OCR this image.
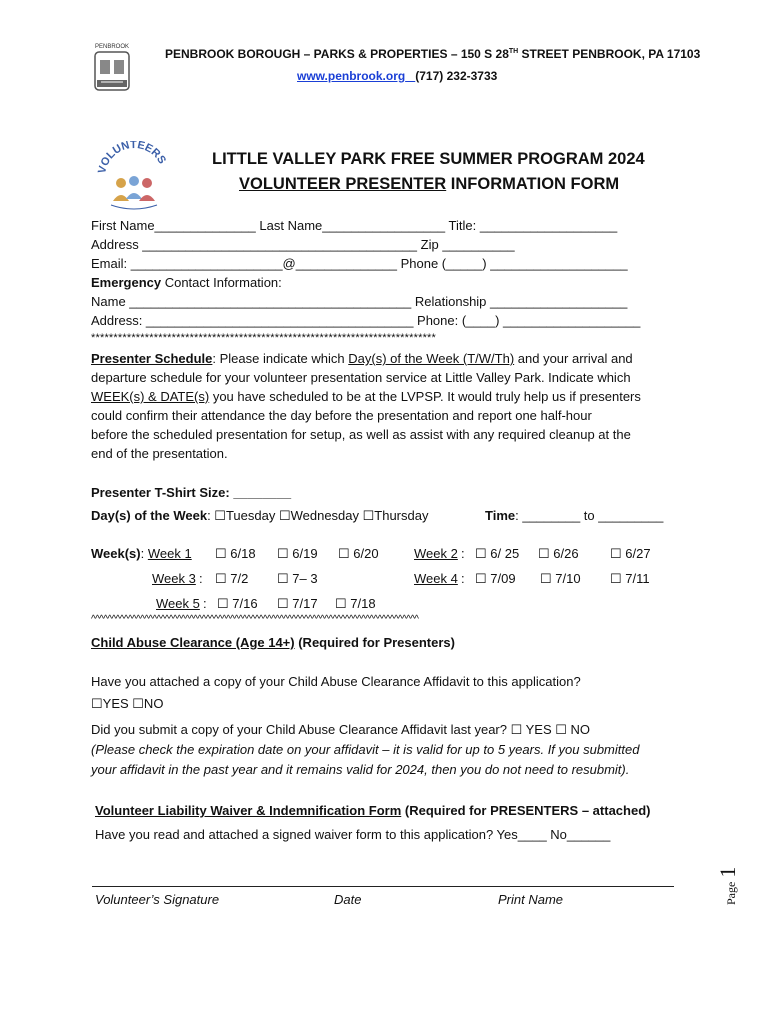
PENBROOK	PENBROOK BOROUGH – PARKS & PROPERTIES – 150 S 28TH STREET PENBROOK, PA 17103
www.penbrook.org (717) 232-3733
VOLUNTEERS	LITTLE VALLEY PARK FREE SUMMER PROGRAM 2024
VOLUNTEER PRESENTER INFORMATION FORM
First Name______________ Last Name_________________ Title: ___________________
Address ______________________________________ Zip __________
Email: _____________________@______________ Phone (_____) ___________________
Emergency Contact Information:
Name _______________________________________ Relationship ___________________
Address: _____________________________________ Phone: (____) ___________________
*****************************************************************************
Presenter Schedule: Please indicate which Day(s) of the Week (T/W/Th) and your arrival and
departure schedule for your volunteer presentation service at Little Valley Park. Indicate which
WEEK(s) & DATE(s) you have scheduled to be at the LVPSP. It would truly help us if presenters
could confirm their attendance the day before the presentation and report one half-hour
before the scheduled presentation for setup, as well as assist with any required cleanup at the
end of the presentation.
Presenter T-Shirt Size: ________
Day(s) of the Week: ☐Tuesday ☐Wednesday ☐Thursday	Time: ________ to _________
Week(s): Week 1 ☐ 6/18 ☐ 6/19 ☐ 6/20	Week 2 : ☐ 6/ 25 ☐ 6/26 ☐ 6/27
Week 3 : ☐ 7/2 ☐ 7– 3	Week 4 : ☐ 7/09 ☐ 7/10 ☐ 7/11
Week 5 : ☐ 7/16 ☐ 7/17 ☐ 7/18
^^^^^^^^^^^^^^^^^^^^^^^^^^^^^^^^^^^^^^^^^^^^^^^^^^^^^^^^^^^^^^^^^^^^^^^^^^^^^^^^
Child Abuse Clearance (Age 14+) (Required for Presenters)
Have you attached a copy of your Child Abuse Clearance Affidavit to this application?
☐YES ☐NO
Did you submit a copy of your Child Abuse Clearance Affidavit last year? ☐ YES ☐ NO
(Please check the expiration date on your affidavit – it is valid for up to 5 years. If you submitted
your affidavit in the past year and it remains valid for 2024, then you do not need to resubmit).
Volunteer Liability Waiver & Indemnification Form (Required for PRESENTERS – attached)
Have you read and attached a signed waiver form to this application? Yes____ No______
Volunteer’s Signature	Date	Print Name	Page 1
